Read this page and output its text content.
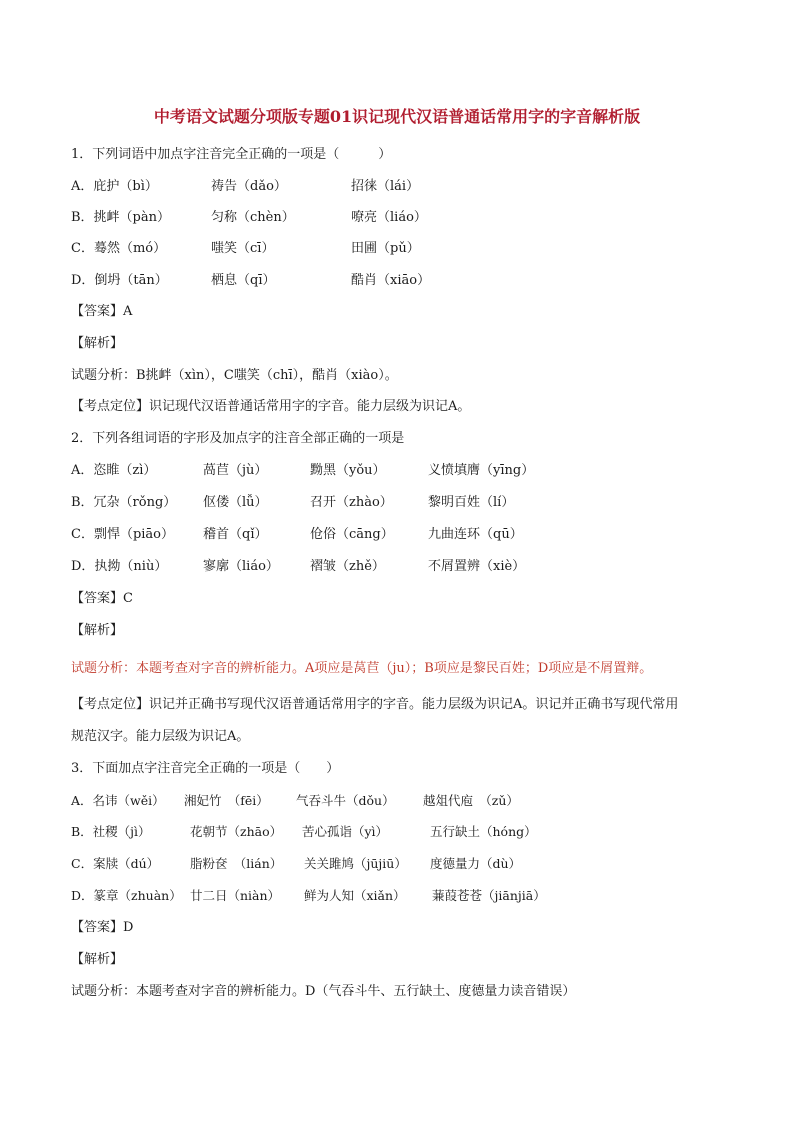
中考语文试题分项版专题01识记现代汉语普通话常用字的字音解析版
1．下列词语中加点字注音完全正确的一项是（　　　）
A．庇护（bì）	祷告（dǎo）	招徕（lái）
B．挑衅（pàn）	匀称（chèn）	嘹亮（liáo）
C．蓦然（mó）	嗤笑（cī）	田圃（pǔ）
D．倒坍（tān）	栖息（qī）	酷肖（xiāo）
【答案】A
【解析】
试题分析：B挑衅（xìn），C嗤笑（chī），酷肖（xiào）。
【考点定位】识记现代汉语普通话常用字的字音。能力层级为识记A。
2．下列各组词语的字形及加点字的注音全部正确的一项是
A．恣睢（zì）	萵苣（jù）	黝黑（yǒu）	义愤填膺（yīng）
B．冗杂（rǒng） 伛偻（lǚ）	召开（zhào）	黎明百姓（lí）
C．剽悍（piāo） 稽首（qǐ）	伧俗（cāng）	九曲连环（qū）
D．执拗（niù）	寥廓（liáo） 褶皱（zhě）	不屑置辨（xiè）
【答案】C
【解析】
试题分析：本题考查对字音的辨析能力。A项应是莴苣（ju）；B项应是黎民百姓；D项应是不屑置辩。
【考点定位】识记并正确书写现代汉语普通话常用字的字音。能力层级为识记A。识记并正确书写现代常用
规范汉字。能力层级为识记A。
3．下面加点字注音完全正确的一项是（　　）
A．名讳（wěi） 湘妃竹　（fēi） 气吞斗牛（dǒu） 越俎代庖　（zǔ）
B．社稷（jì）	花朝节（zhāo） 苦心孤诣（yì）	五行缺土（hóng）
C．案牍（dú） 脂粉奁　（lián） 关关雎鸠（jūjiū） 度德量力（dù）
D．篆章（zhuàn） 廿二日（niàn） 鲜为人知（xiǎn） 蒹葭苍苍（jiānjiā）
【答案】D
【解析】
试题分析：本题考查对字音的辨析能力。D（气吞斗牛、五行缺土、度德量力读音错误）
